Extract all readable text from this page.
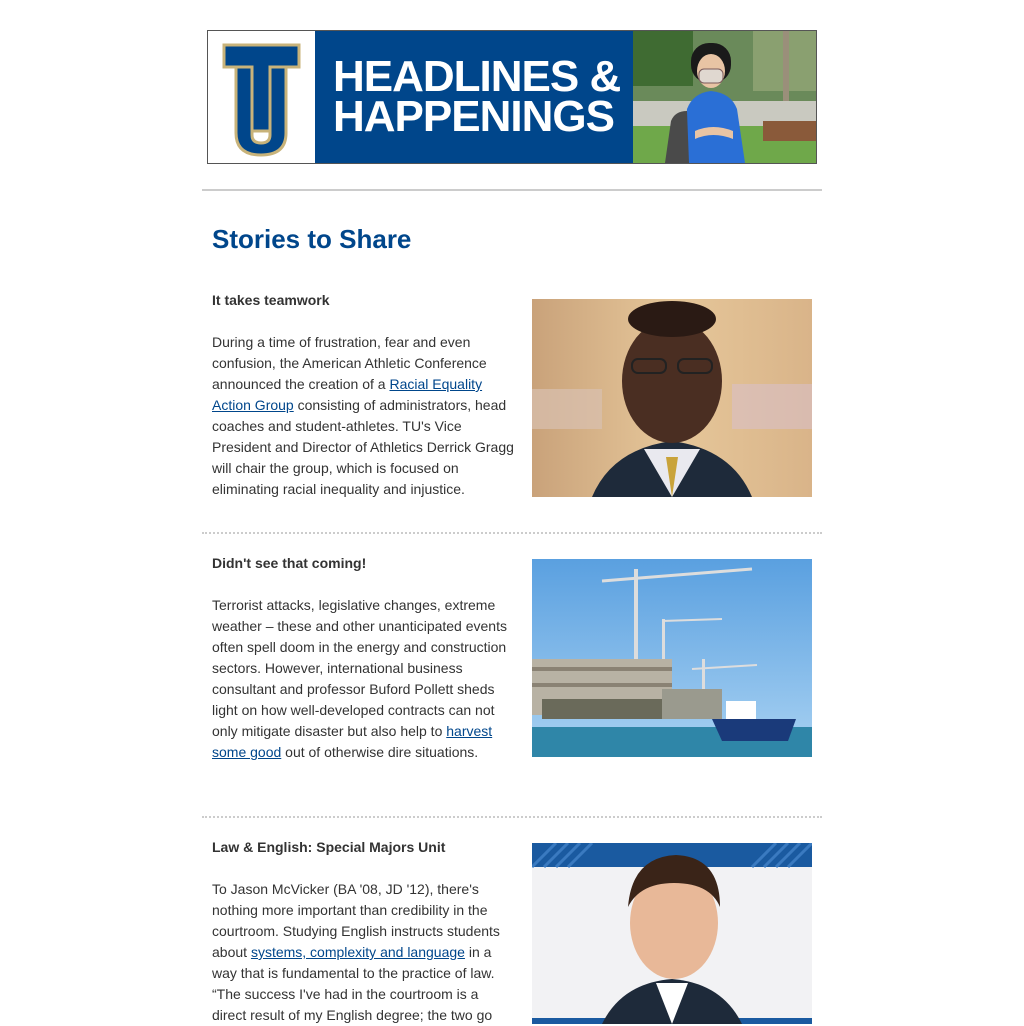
HEADLINES &
HAPPENINGS
Stories to Share
It takes teamwork

During a time of frustration, fear and even confusion, the American Athletic Conference announced the creation of a Racial Equality Action Group consisting of administrators, head coaches and student-athletes. TU's Vice President and Director of Athletics Derrick Gragg will chair the group, which is focused on eliminating racial inequality and injustice.

Didn't see that coming!

Terrorist attacks, legislative changes, extreme weather – these and other unanticipated events often spell doom in the energy and construction sectors. However, international business consultant and professor Buford Pollett sheds light on how well-developed contracts can not only mitigate disaster but also help to harvest some good out of otherwise dire situations.

Law & English: Special Majors Unit

To Jason McVicker (BA '08, JD '12), there's nothing more important than credibility in the courtroom. Studying English instructs students about systems, complexity and language in a way that is fundamental to the practice of law. “The success I've had in the courtroom is a direct result of my English degree; the two go
